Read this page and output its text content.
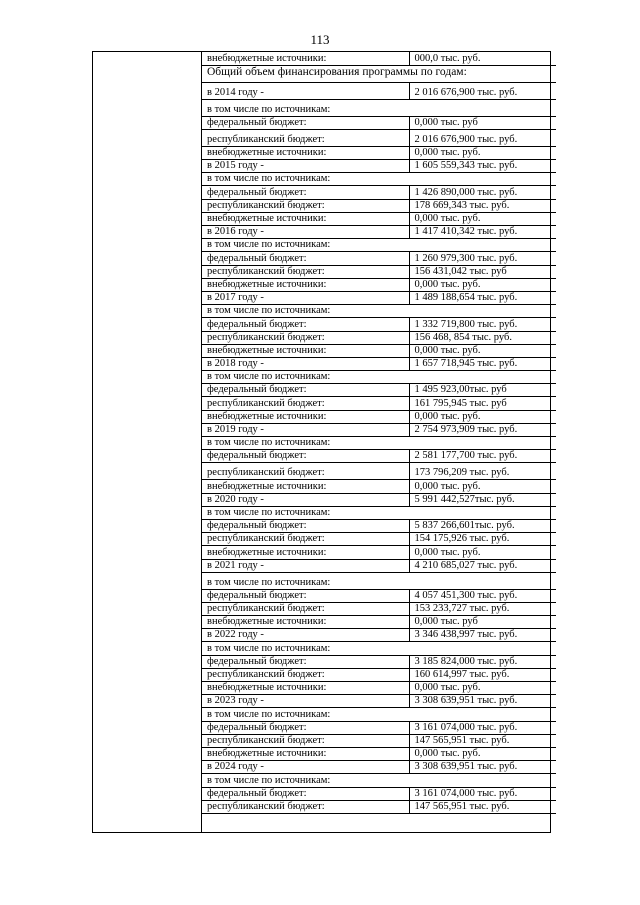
113
внебюджетные источники:	000,0 тыс. руб.
Общий объем финансирования программы по годам:	
в 2014 году -	2 016 676,900 тыс. руб.
в том числе по источникам:	
федеральный бюджет:	0,000 тыс. руб
республиканский бюджет:	2 016 676,900 тыс. руб.
внебюджетные источники:	0,000 тыс. руб.
в 2015 году -	1 605 559,343 тыс. руб.
в том числе по источникам:	
федеральный бюджет:	1 426 890,000 тыс. руб.
республиканский бюджет:	178 669,343 тыс. руб.
внебюджетные источники:	0,000 тыс. руб.
в 2016 году -	1 417 410,342 тыс. руб.
в том числе по источникам:	
федеральный бюджет:	1 260 979,300 тыс. руб.
республиканский бюджет:	156 431,042 тыс. руб
внебюджетные источники:	0,000 тыс. руб.
в 2017 году -	1 489 188,654 тыс. руб.
в том числе по источникам:	
федеральный бюджет:	1 332 719,800 тыс. руб.
республиканский бюджет:	156 468, 854 тыс. руб.
внебюджетные источники:	0,000 тыс. руб.
в 2018 году -	1 657 718,945 тыс. руб.
в том числе по источникам:	
федеральный бюджет:	1 495 923,00тыс. руб
республиканский бюджет:	161 795,945 тыс. руб
внебюджетные источники:	0,000 тыс. руб.
в 2019 году -	2 754 973,909 тыс. руб.
в том числе по источникам:	
федеральный бюджет:	2 581 177,700 тыс. руб.
республиканский бюджет:	173 796,209 тыс. руб.
внебюджетные источники:	0,000 тыс. руб.
в 2020 году -	5 991 442,527тыс. руб.
в том числе по источникам:	
федеральный бюджет:	5 837 266,601тыс. руб.
республиканский бюджет:	154 175,926 тыс. руб.
внебюджетные источники:	0,000 тыс. руб.
в 2021 году -	4 210 685,027 тыс. руб.
в том числе по источникам:	
федеральный бюджет:	4 057 451,300 тыс. руб.
республиканский бюджет:	153 233,727 тыс. руб.
внебюджетные источники:	0,000 тыс. руб
в 2022 году -	3 346 438,997 тыс. руб.
в том числе по источникам:	
федеральный бюджет:	3 185 824,000 тыс. руб.
республиканский бюджет:	160 614,997 тыс. руб.
внебюджетные источники:	0,000 тыс. руб.
в 2023 году -	3 308 639,951 тыс. руб.
в том числе по источникам:	
федеральный бюджет:	3 161 074,000 тыс. руб.
республиканский бюджет:	147 565,951 тыс. руб.
внебюджетные источники:	0,000 тыс. руб.
в 2024 году -	3 308 639,951 тыс. руб.
в том числе по источникам:	
федеральный бюджет:	3 161 074,000 тыс. руб.
республиканский бюджет:	147 565,951 тыс. руб.
